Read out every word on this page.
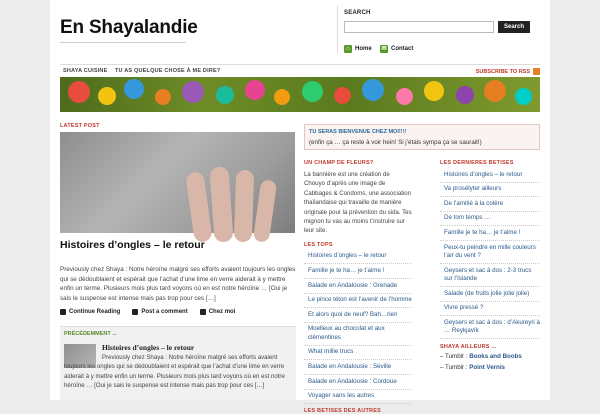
En Shayalandie
SEARCH
Search
⌂ Home ✉ Contact
SHAYA CUISINE TU AS QUELQUE CHOSE À ME DIRE?	SUBSCRIBE TO RSS
LATEST POST
Histoires d’ongles – le retour
Previously chez Shaya : Notre héroïne malgré ses efforts avaient toujours les ongles qui se dédoublaient et espérait que l’achat d’une lime en verre aiderait à y mettre enfin un terme. Plusieurs mois plus tard voyons où en est notre héroïne … [Oui je sais le suspense est intense mais pas trop pour ces […]
Continue Reading	Post a comment	Chez moi
PRÉCÉDEMMENT ...
Histoires d’ongles – le retour
Previously chez Shaya : Notre héroïne malgré ses efforts avaient toujours les ongles qui se dédoublaient et espérait que l’achat d’une lime en verre aiderait à y mettre enfin un terme. Plusieurs mois plus tard voyons où en est notre héroïne … [Oui je sais le suspense est intense mais pas trop pour ces […]
TU SERAS BIENVENUE CHEZ MOI!!!!
(enfin ça … ça reste à voir hein! Si j’étais sympa ça se saurait!)
UN CHAMP DE FLEURS?
La bannière est une création de Chouyo d’après une image de Cabbages & Condoms, une association thaïlandaise qui travaille de manière originale pour la prévention du sida. Tes mignon tu vas au moins t’instruire sur leur site.
LES TOPS
Histoires d’ongles – le retour
Famille je te ha… je t’aime !
Balade en Andalousie : Grenade
Le pince téton est l’avenir de l’homme
Et alors quoi de neuf? Bah…rien
Moelleux au chocolat et aux clémentines
What millie trucs
Balade en Andalousie : Séville
Balade en Andalousie : Cordoue
Voyager sans les autres
LES BETISES DES AUTRES
LES DERNIERES BETISES
Histoires d’ongles – le retour
Va prosélyter ailleurs
De l’amitié à la colère
De tom temps …
Famille je te ha… je t’aime !
Peux-tu peindre en mille couleurs l’air du vent ?
Geysers et sac à dos : 2-3 trucs sur l’Islande
Salade (de fruits jolie jolie jolie)
Vivre pressé ?
Geysers et sac à dos : d’Akureyri à … Reykjavík
SHAYA AILLEURS ...
– Tumblr : Books and Boobs
– Tumblr : Point Vernis
